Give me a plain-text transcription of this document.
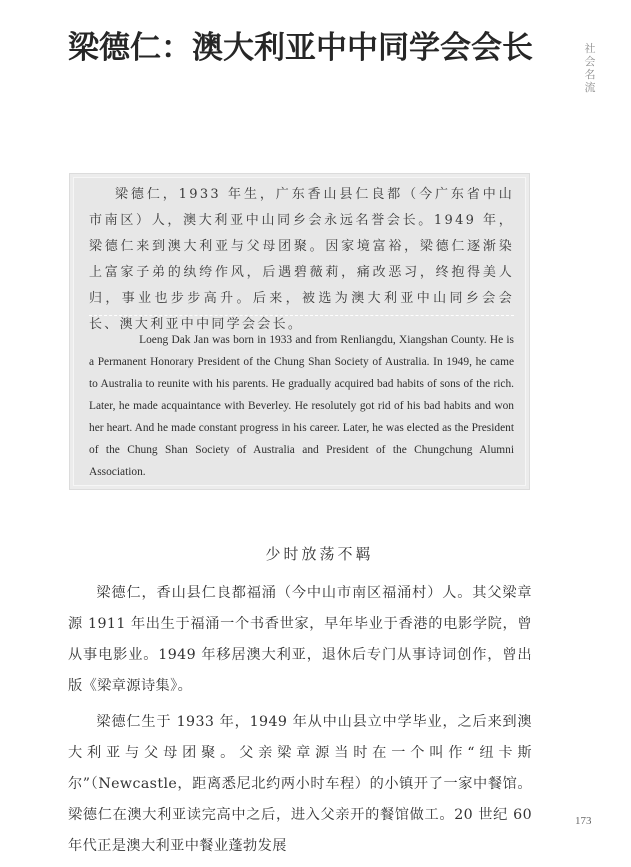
梁德仁：澳大利亚中中同学会会长	社会名流

梁德仁，1933 年生，广东香山县仁良都（今广东省中山市南区）人，澳大利亚中山同乡会永远名誉会长。1949 年，梁德仁来到澳大利亚与父母团聚。因家境富裕，梁德仁逐渐染上富家子弟的纨绔作风，后遇碧薇莉，痛改恶习，终抱得美人归，事业也步步高升。后来，被选为澳大利亚中山同乡会会长、澳大利亚中中同学会会长。

Loeng Dak Jan was born in 1933 and from Renliangdu, Xiangshan County. He is a Permanent Honorary President of the Chung Shan Society of Australia. In 1949, he came to Australia to reunite with his parents. He gradually acquired bad habits of sons of the rich. Later, he made acquaintance with Beverley. He resolutely got rid of his bad habits and won her heart. And he made constant progress in his career. Later, he was elected as the President of the Chung Shan Society of Australia and President of the Chungchung Alumni Association.

少时放荡不羁

梁德仁，香山县仁良都福涌（今中山市南区福涌村）人。其父梁章源 1911 年出生于福涌一个书香世家，早年毕业于香港的电影学院，曾从事电影业。1949 年移居澳大利亚，退休后专门从事诗词创作，曾出版《梁章源诗集》。

梁德仁生于 1933 年，1949 年从中山县立中学毕业，之后来到澳大利亚与父母团聚。父亲梁章源当时在一个叫作“纽卡斯尔”（Newcastle，距离悉尼北约两小时车程）的小镇开了一家中餐馆。梁德仁在澳大利亚读完高中之后，进入父亲开的餐馆做工。20 世纪 60 年代正是澳大利亚中餐业蓬勃发展

173
